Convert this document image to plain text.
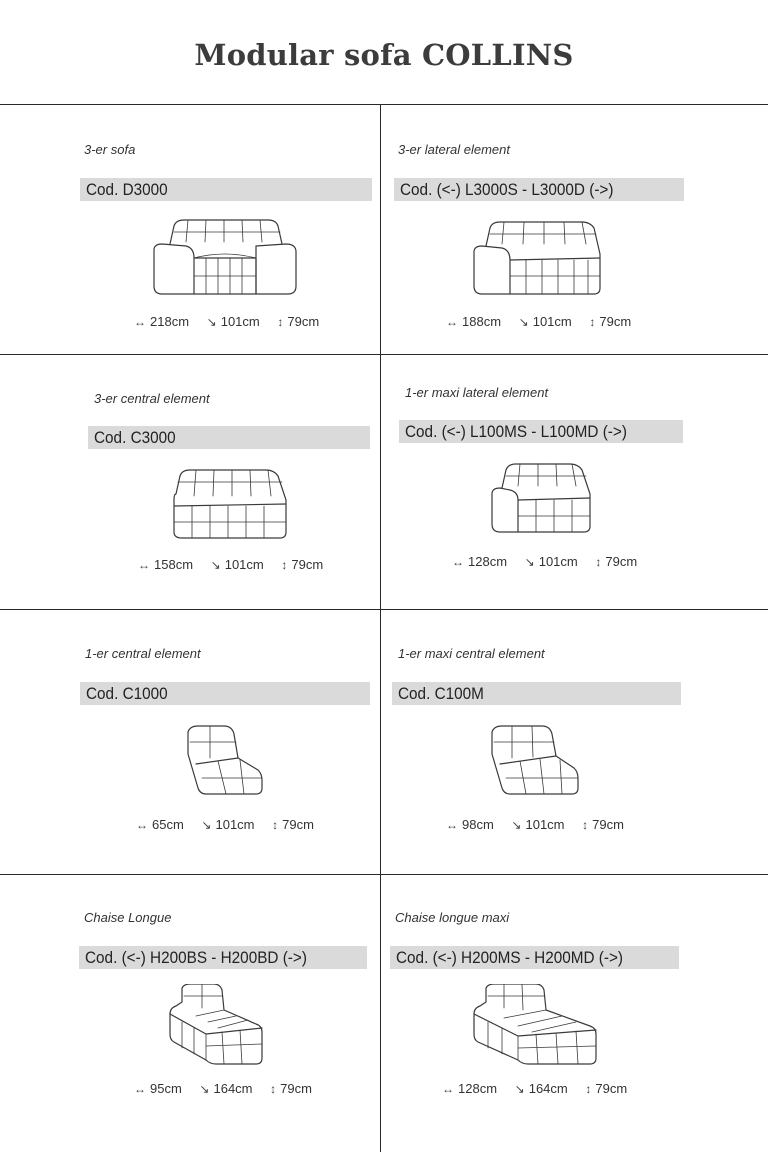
Modular sofa COLLINS
3-er sofa
Cod. D3000
↔ 218cm ↘ 101cm ↕ 79cm
3-er lateral element
Cod. (<-) L3000S - L3000D (->)
↔ 188cm ↘ 101cm ↕ 79cm
3-er central element
Cod. C3000
↔ 158cm ↘ 101cm ↕ 79cm
1-er maxi lateral element
Cod. (<-) L100MS - L100MD (->)
↔ 128cm ↘ 101cm ↕ 79cm
1-er central element
Cod. C1000
↔ 65cm ↘ 101cm ↕ 79cm
1-er maxi central element
Cod. C100M
↔ 98cm ↘ 101cm ↕ 79cm
Chaise Longue
Cod. (<-) H200BS - H200BD (->)
↔ 95cm ↘ 164cm ↕ 79cm
Chaise longue maxi
Cod. (<-) H200MS - H200MD (->)
↔ 128cm ↘ 164cm ↕ 79cm
